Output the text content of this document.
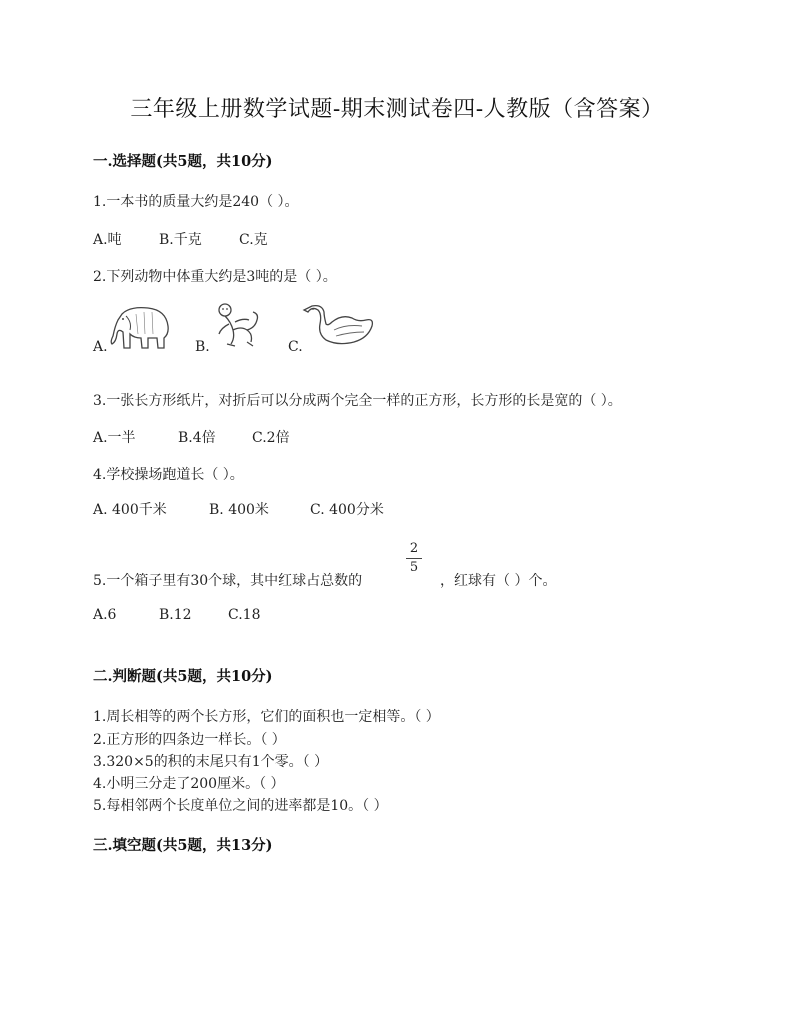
三年级上册数学试题-期末测试卷四-人教版（含答案）
一.选择题(共5题，共10分)
1.一本书的质量大约是240（ ）。
A.吨	B.千克	C.克
2.下列动物中体重大约是3吨的是（ ）。
A.	B.	C.
3.一张长方形纸片，对折后可以分成两个完全一样的正方形，长方形的长是宽的（ ）。
A.一半	B.4倍	C.2倍
4.学校操场跑道长（ ）。
A. 400千米	B. 400米	C. 400分米
5.一个箱子里有30个球，其中红球占总数的
2
5
，红球有（ ）个。
A.6	B.12	C.18
二.判断题(共5题，共10分)
1.周长相等的两个长方形，它们的面积也一定相等。（ ）
2.正方形的四条边一样长。（ ）
3.320×5的积的末尾只有1个零。（ ）
4.小明三分走了200厘米。（ ）
5.每相邻两个长度单位之间的进率都是10。（ ）
三.填空题(共5题，共13分)
